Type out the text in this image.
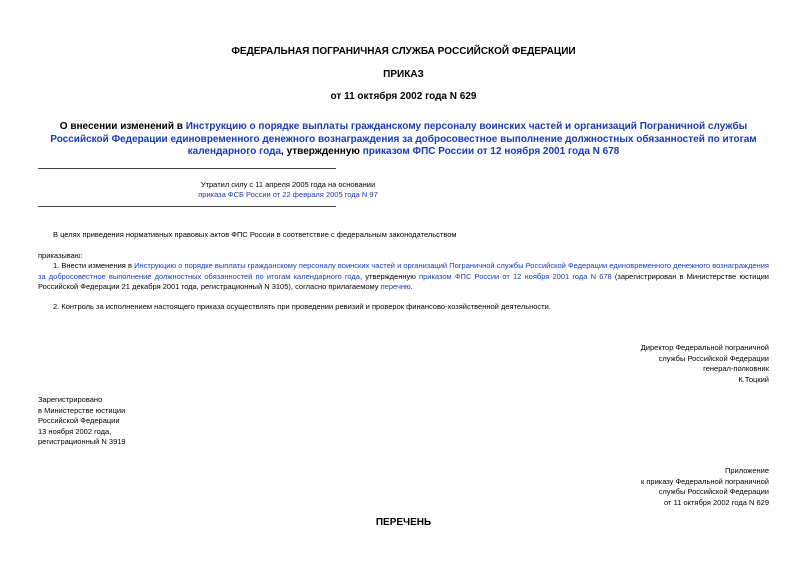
ФЕДЕРАЛЬНАЯ ПОГРАНИЧНАЯ СЛУЖБА РОССИЙСКОЙ ФЕДЕРАЦИИ
ПРИКАЗ
от 11 октября 2002 года N 629
О внесении изменений в Инструкцию о порядке выплаты гражданскому персоналу воинских частей и организаций Пограничной службы Российской Федерации единовременного денежного вознаграждения за добросовестное выполнение должностных обязанностей по итогам календарного года, утвержденную приказом ФПС России от 12 ноября 2001 года N 678
Утратил силу с 11 апреля 2005 года на основании
приказа ФСБ России от 22 февраля 2005 года N 97
В целях приведения нормативных правовых актов ФПС России в соответствие с федеральным законодательством
приказываю:
1. Внести изменения в Инструкцию о порядке выплаты гражданскому персоналу воинских частей и организаций Пограничной службы Российской Федерации единовременного денежного вознаграждения за добросовестное выполнение должностных обязанностей по итогам календарного года, утвержденную приказом ФПС России от 12 ноября 2001 года N 678 (зарегистрирован в Министерстве юстиции Российской Федерации 21 декабря 2001 года, регистрационный N 3105), согласно прилагаемому перечню.
2. Контроль за исполнением настоящего приказа осуществлять при проведении ревизий и проверок финансово-хозяйственной деятельности.
Директор Федеральной пограничной
службы Российской Федерации
генерал-полковник
К.Тоцкий
Зарегистрировано
в Министерстве юстиции
Российской Федерации
13 ноября 2002 года,
регистрационный N 3919
Приложение
к приказу Федеральной пограничной
службы Российской Федерации
от 11 октября 2002 года N 629
ПЕРЕЧЕНЬ
